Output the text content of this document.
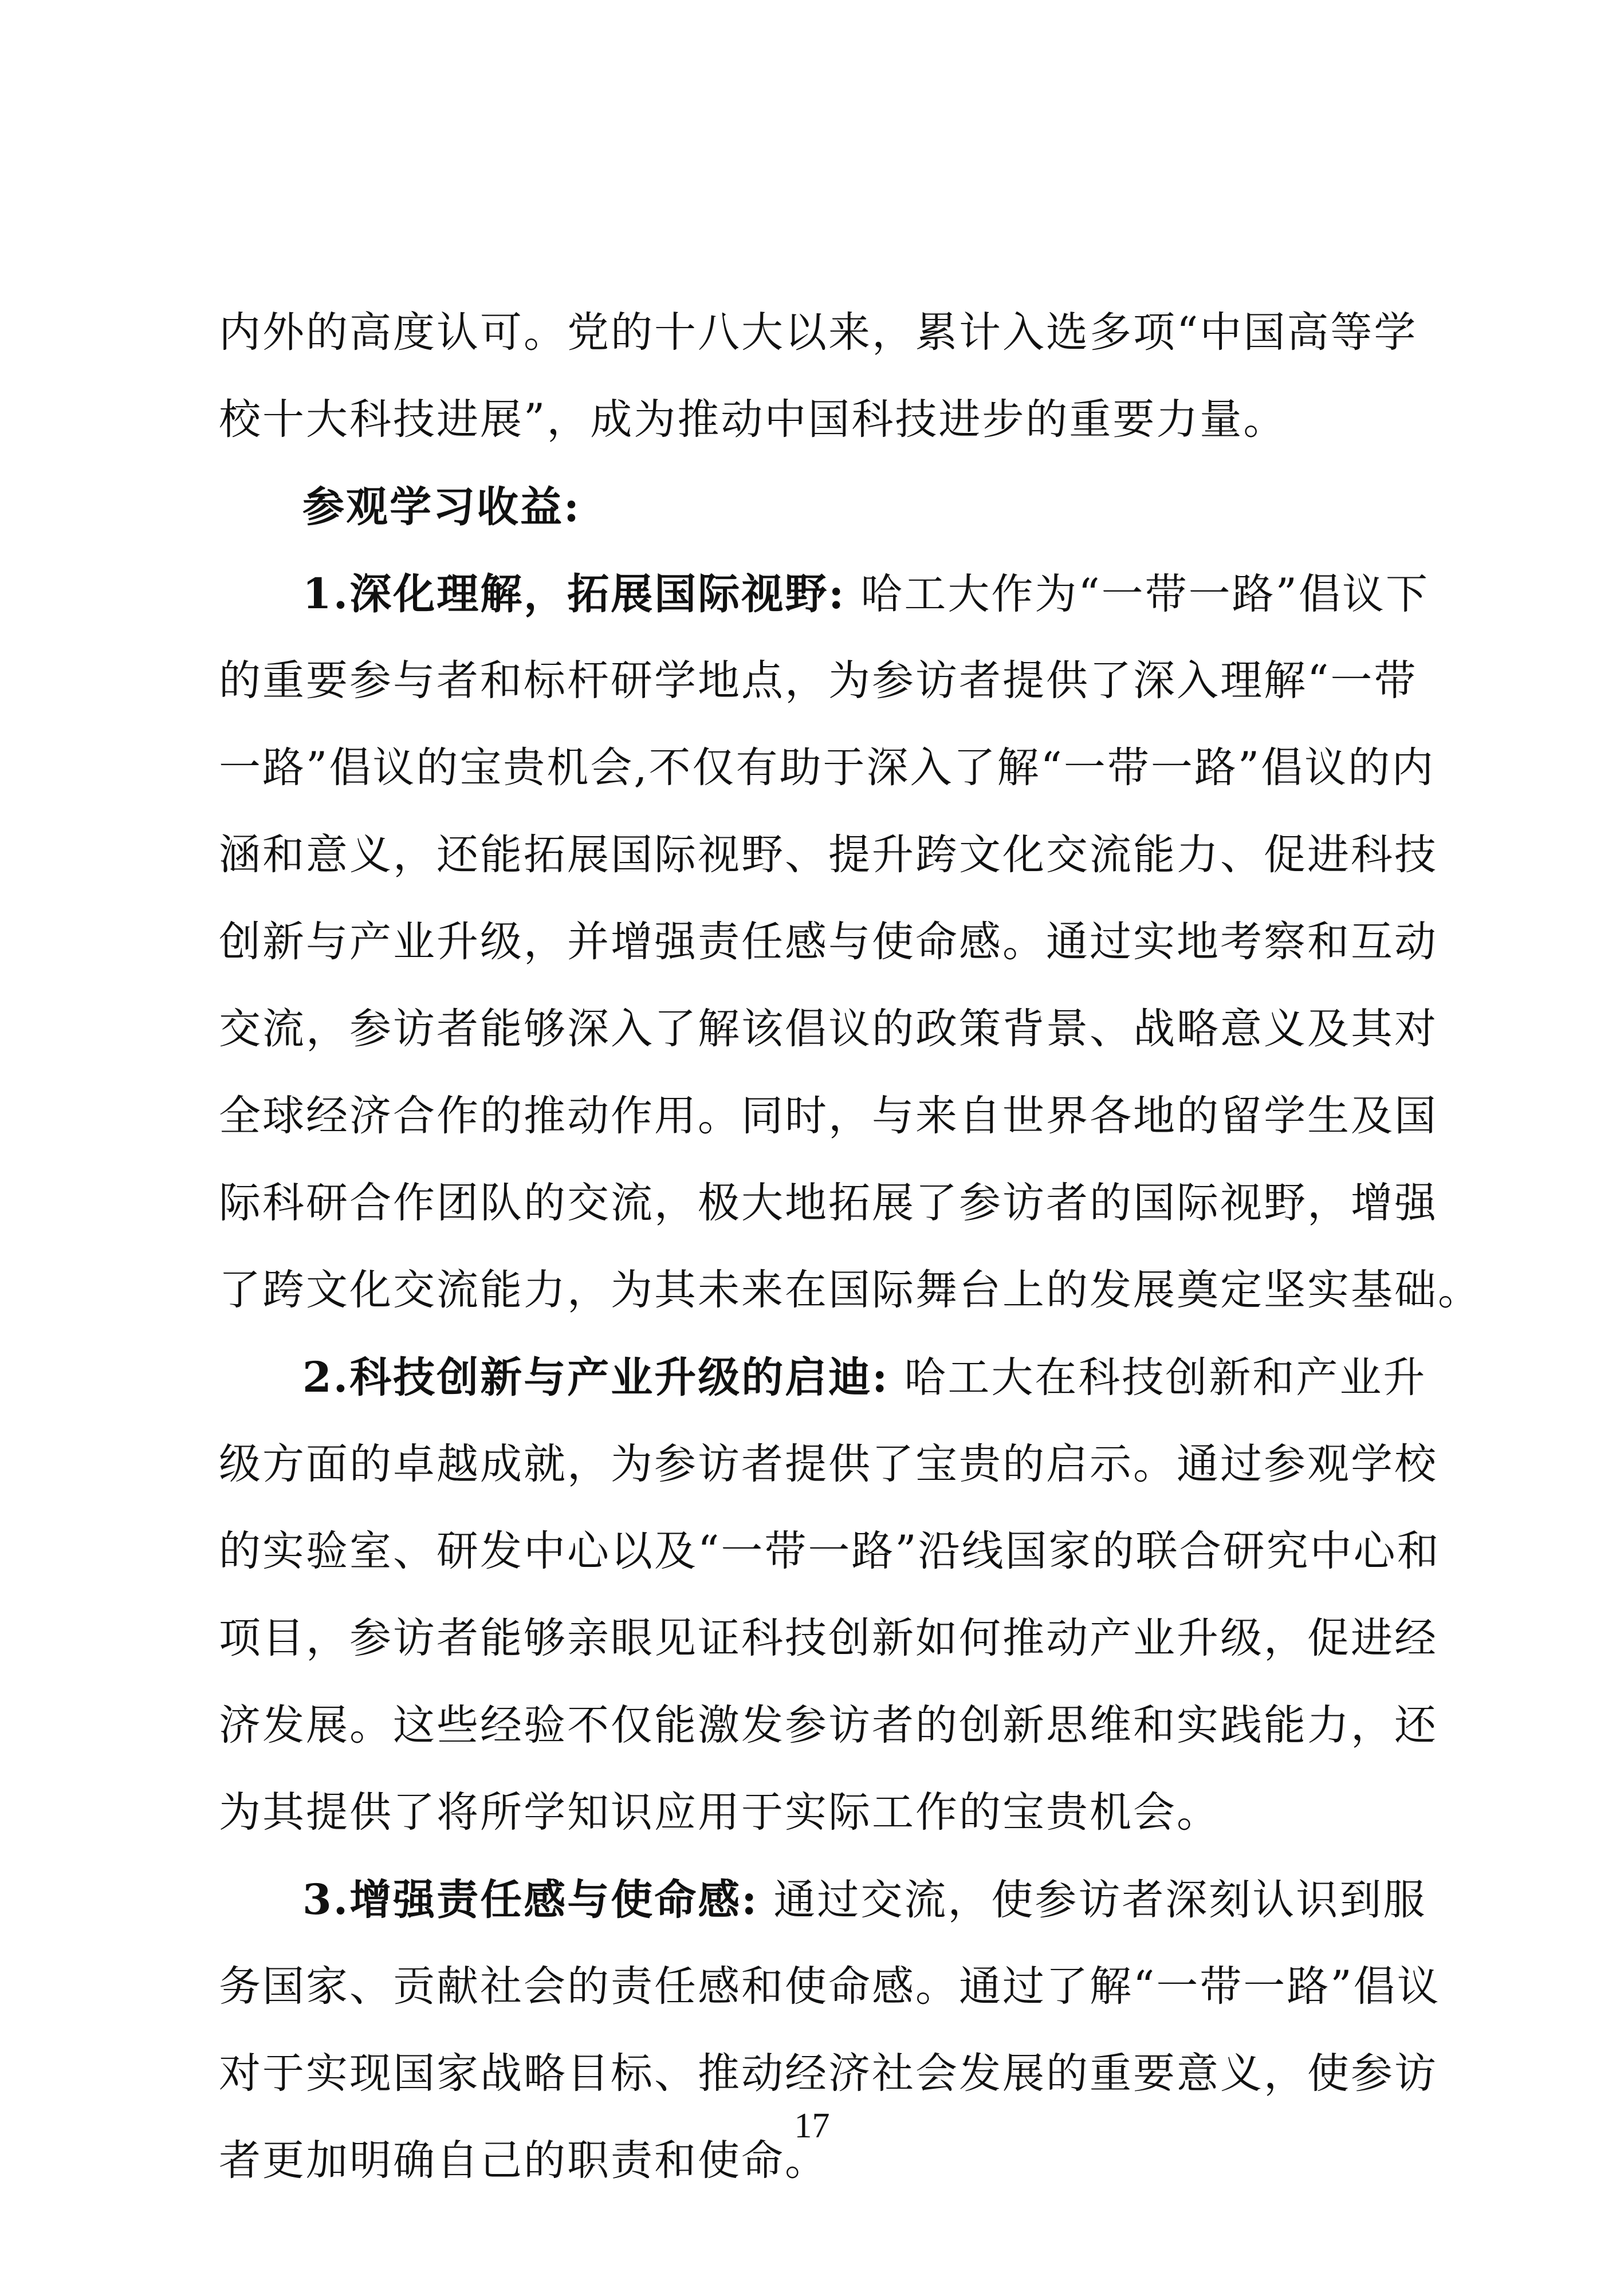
内外的高度认可。党的十八大以来，累计入选多项“中国高等学
校十大科技进展”，成为推动中国科技进步的重要力量。
参观学习收益:
1.深化理解，拓展国际视野: 哈工大作为“一带一路”倡议下
的重要参与者和标杆研学地点，为参访者提供了深入理解“一带
一路”倡议的宝贵机会,不仅有助于深入了解“一带一路”倡议的内
涵和意义，还能拓展国际视野、提升跨文化交流能力、促进科技
创新与产业升级，并增强责任感与使命感。通过实地考察和互动
交流，参访者能够深入了解该倡议的政策背景、战略意义及其对
全球经济合作的推动作用。同时，与来自世界各地的留学生及国
际科研合作团队的交流，极大地拓展了参访者的国际视野，增强
了跨文化交流能力，为其未来在国际舞台上的发展奠定坚实基础。
2.科技创新与产业升级的启迪: 哈工大在科技创新和产业升
级方面的卓越成就，为参访者提供了宝贵的启示。通过参观学校
的实验室、研发中心以及“一带一路”沿线国家的联合研究中心和
项目，参访者能够亲眼见证科技创新如何推动产业升级，促进经
济发展。这些经验不仅能激发参访者的创新思维和实践能力，还
为其提供了将所学知识应用于实际工作的宝贵机会。
3.增强责任感与使命感: 通过交流，使参访者深刻认识到服
务国家、贡献社会的责任感和使命感。通过了解“一带一路”倡议
对于实现国家战略目标、推动经济社会发展的重要意义，使参访
者更加明确自己的职责和使命。
17
